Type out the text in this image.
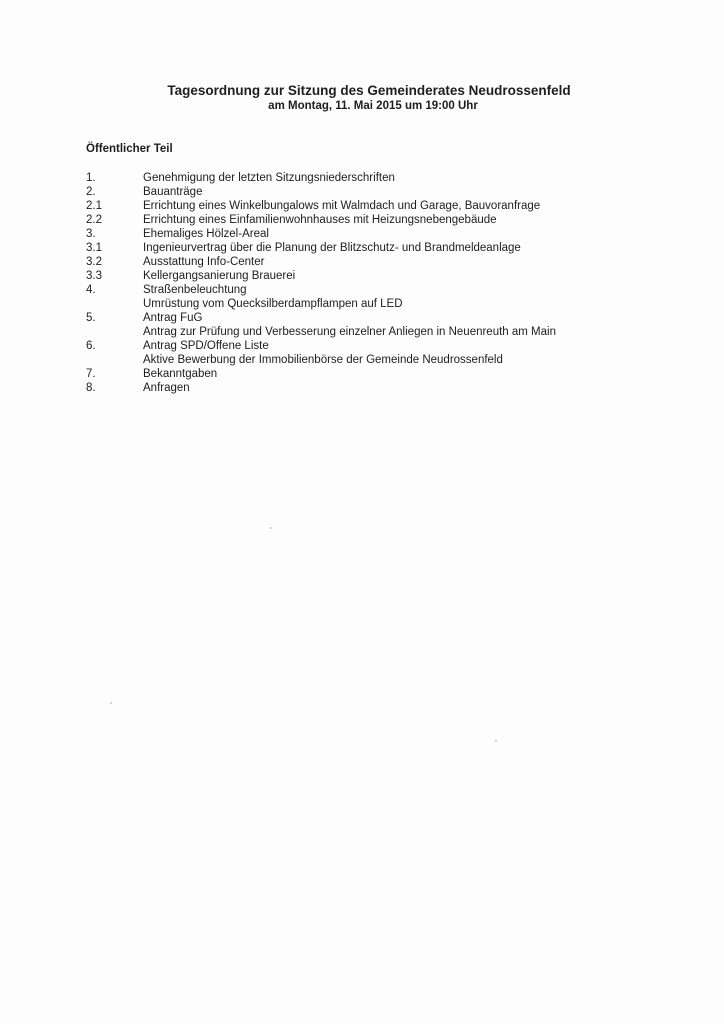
Tagesordnung zur Sitzung des Gemeinderates Neudrossenfeld
am Montag, 11. Mai 2015 um 19:00 Uhr
Öffentlicher Teil
1.	Genehmigung der letzten Sitzungsniederschriften
2.	Bauanträge
2.1	Errichtung eines Winkelbungalows mit Walmdach und Garage, Bauvoranfrage
2.2	Errichtung eines Einfamilienwohnhauses mit Heizungsnebengebäude
3.	Ehemaliges Hölzel-Areal
3.1	Ingenieurvertrag über die Planung der Blitzschutz- und Brandmeldeanlage
3.2	Ausstattung Info-Center
3.3	Kellergangsanierung Brauerei
4.	Straßenbeleuchtung
Umrüstung vom Quecksilberdampflampen auf LED
5.	Antrag FuG
Antrag zur Prüfung und Verbesserung einzelner Anliegen in Neuenreuth am Main
6.	Antrag SPD/Offene Liste
Aktive Bewerbung der Immobilienbörse der Gemeinde Neudrossenfeld
7.	Bekanntgaben
8.	Anfragen
